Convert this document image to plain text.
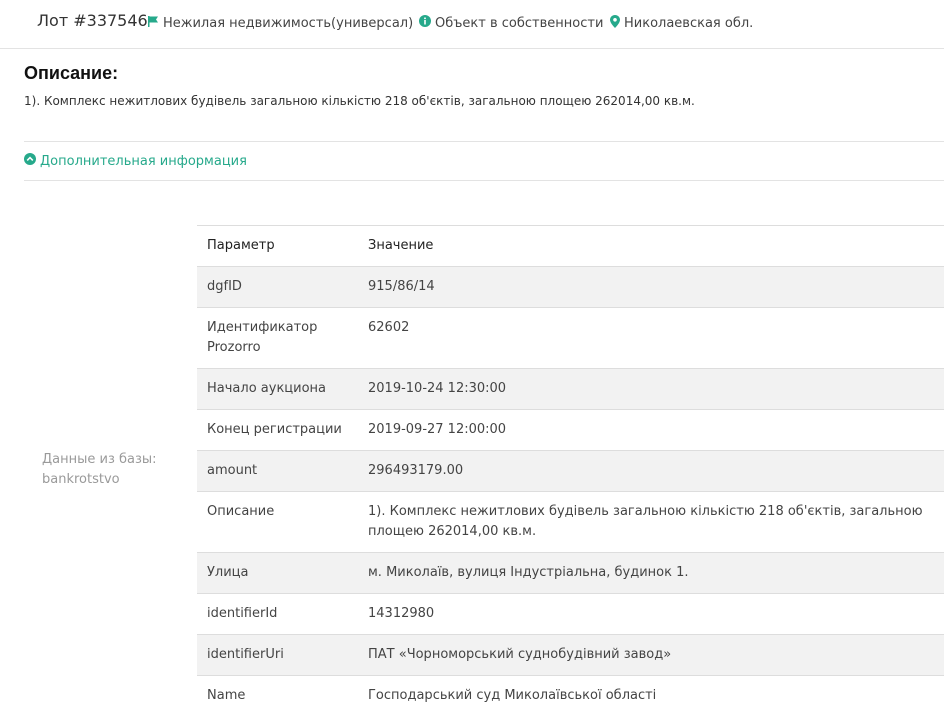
Лот #337546 Нежилая недвижимость(универсал) Объект в собственности Николаевская обл.
Описание:
1). Комплекс нежитлових будівель загальною кількістю 218 об'єктів, загальною площею 262014,00 кв.м.
Дополнительная информация
Данные из базы:
bankrotstvo
Параметр	Значение
dgfID	915/86/14
Идентификатор Prozorro	62602
Начало аукциона	2019-10-24 12:30:00
Конец регистрации	2019-09-27 12:00:00
amount	296493179.00
Описание	1). Комплекс нежитлових будівель загальною кількістю 218 об'єктів, загальною площею 262014,00 кв.м.
Улица	м. Миколаїв, вулиця Індустріальна, будинок 1.
identifierId	14312980
identifierUri	ПАТ «Чорноморський суднобудівний завод»
Name	Господарський суд Миколаївської області
